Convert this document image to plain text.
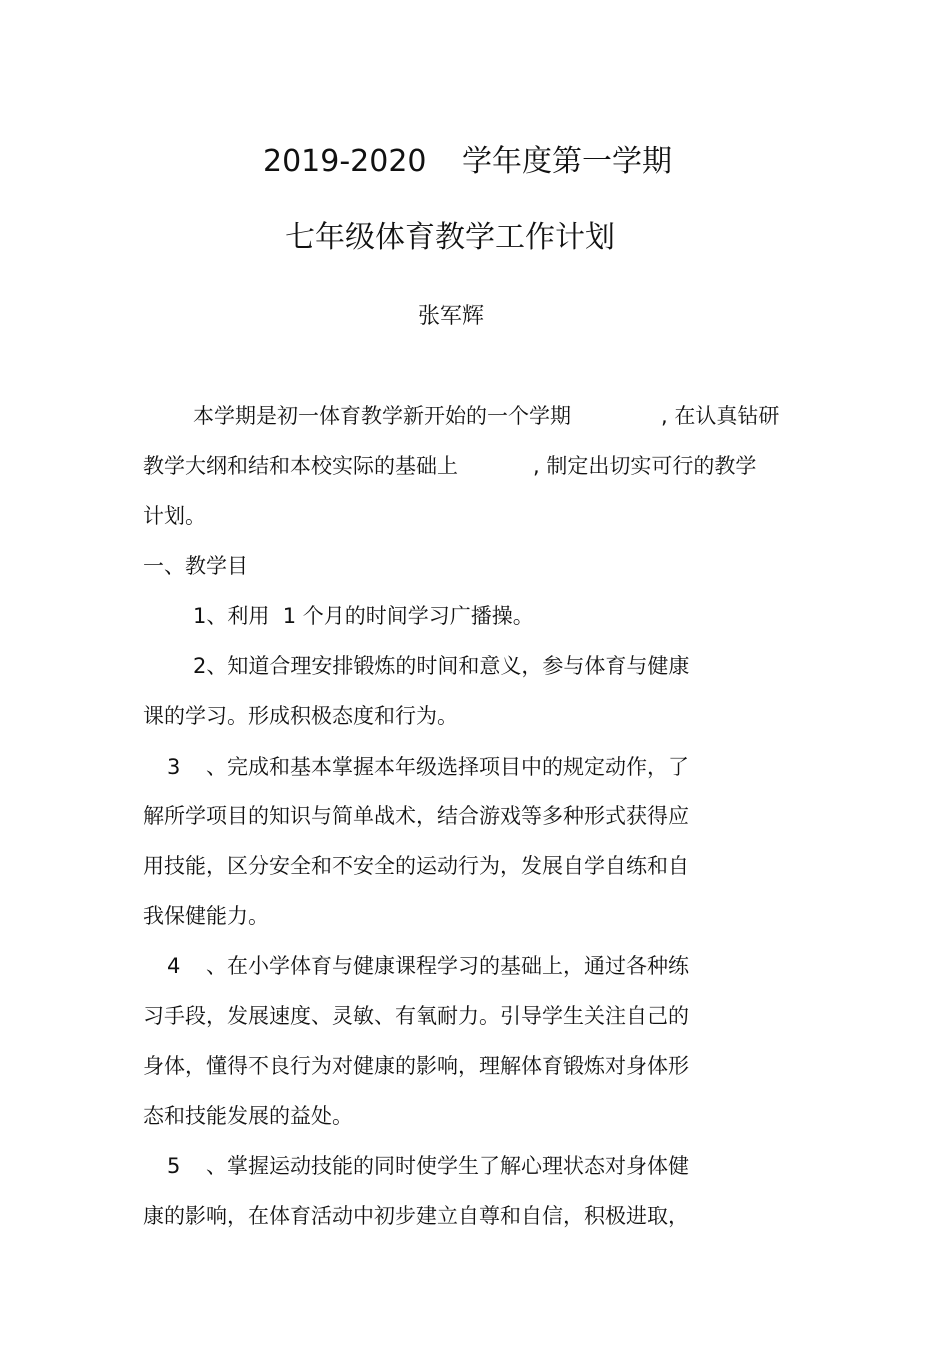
2019-2020 学年度第一学期
七年级体育教学工作计划
张军辉
本学期是初一体育教学新开始的一个学期	, 在认真钻研
教学大纲和结和本校实际的基础上	, 制定出切实可行的教学
计划。
一、教学目
1、利用  1 个月的时间学习广播操。
2、知道合理安排锻炼的时间和意义，参与体育与健康
课的学习。形成积极态度和行为。
3 、完成和基本掌握本年级选择项目中的规定动作，了
解所学项目的知识与简单战术，结合游戏等多种形式获得应
用技能，区分安全和不安全的运动行为，发展自学自练和自
我保健能力。
4 、在小学体育与健康课程学习的基础上，通过各种练
习手段，发展速度、灵敏、有氧耐力。引导学生关注自己的
身体，懂得不良行为对健康的影响，理解体育锻炼对身体形
态和技能发展的益处。
5 、掌握运动技能的同时使学生了解心理状态对身体健
康的影响，在体育活动中初步建立自尊和自信，积极进取，
